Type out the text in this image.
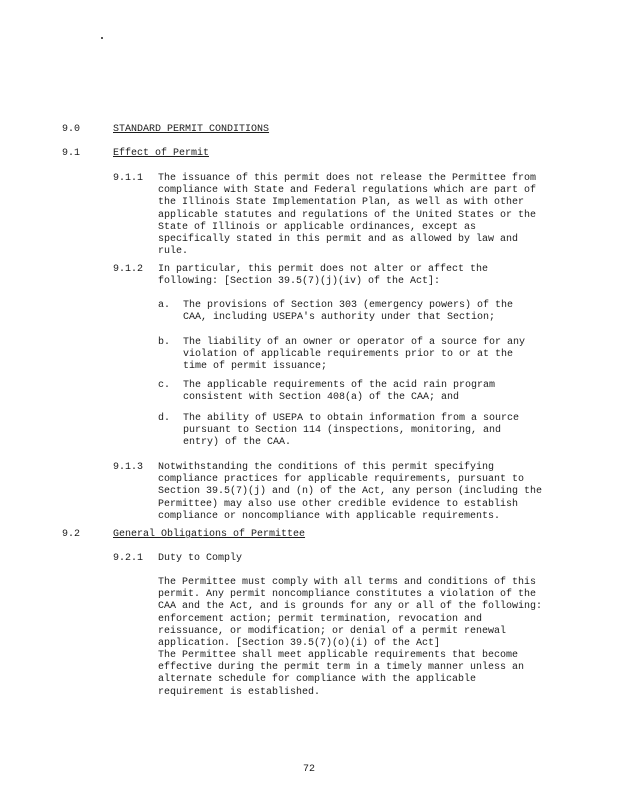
9.0	STANDARD PERMIT CONDITIONS
9.1	Effect of Permit
9.1.1 The issuance of this permit does not release the Permittee from compliance with State and Federal regulations which are part of the Illinois State Implementation Plan, as well as with other applicable statutes and regulations of the United States or the State of Illinois or applicable ordinances, except as specifically stated in this permit and as allowed by law and rule.
9.1.2 In particular, this permit does not alter or affect the following: [Section 39.5(7)(j)(iv) of the Act]:
a. The provisions of Section 303 (emergency powers) of the CAA, including USEPA's authority under that Section;
b. The liability of an owner or operator of a source for any violation of applicable requirements prior to or at the time of permit issuance;
c. The applicable requirements of the acid rain program consistent with Section 408(a) of the CAA; and
d. The ability of USEPA to obtain information from a source pursuant to Section 114 (inspections, monitoring, and entry) of the CAA.
9.1.3 Notwithstanding the conditions of this permit specifying compliance practices for applicable requirements, pursuant to Section 39.5(7)(j) and (n) of the Act, any person (including the Permittee) may also use other credible evidence to establish compliance or noncompliance with applicable requirements.
9.2	General Obligations of Permittee
9.2.1 Duty to Comply
The Permittee must comply with all terms and conditions of this permit. Any permit noncompliance constitutes a violation of the CAA and the Act, and is grounds for any or all of the following: enforcement action; permit termination, revocation and reissuance, or modification; or denial of a permit renewal application. [Section 39.5(7)(o)(i) of the Act]
The Permittee shall meet applicable requirements that become effective during the permit term in a timely manner unless an alternate schedule for compliance with the applicable requirement is established.
72
